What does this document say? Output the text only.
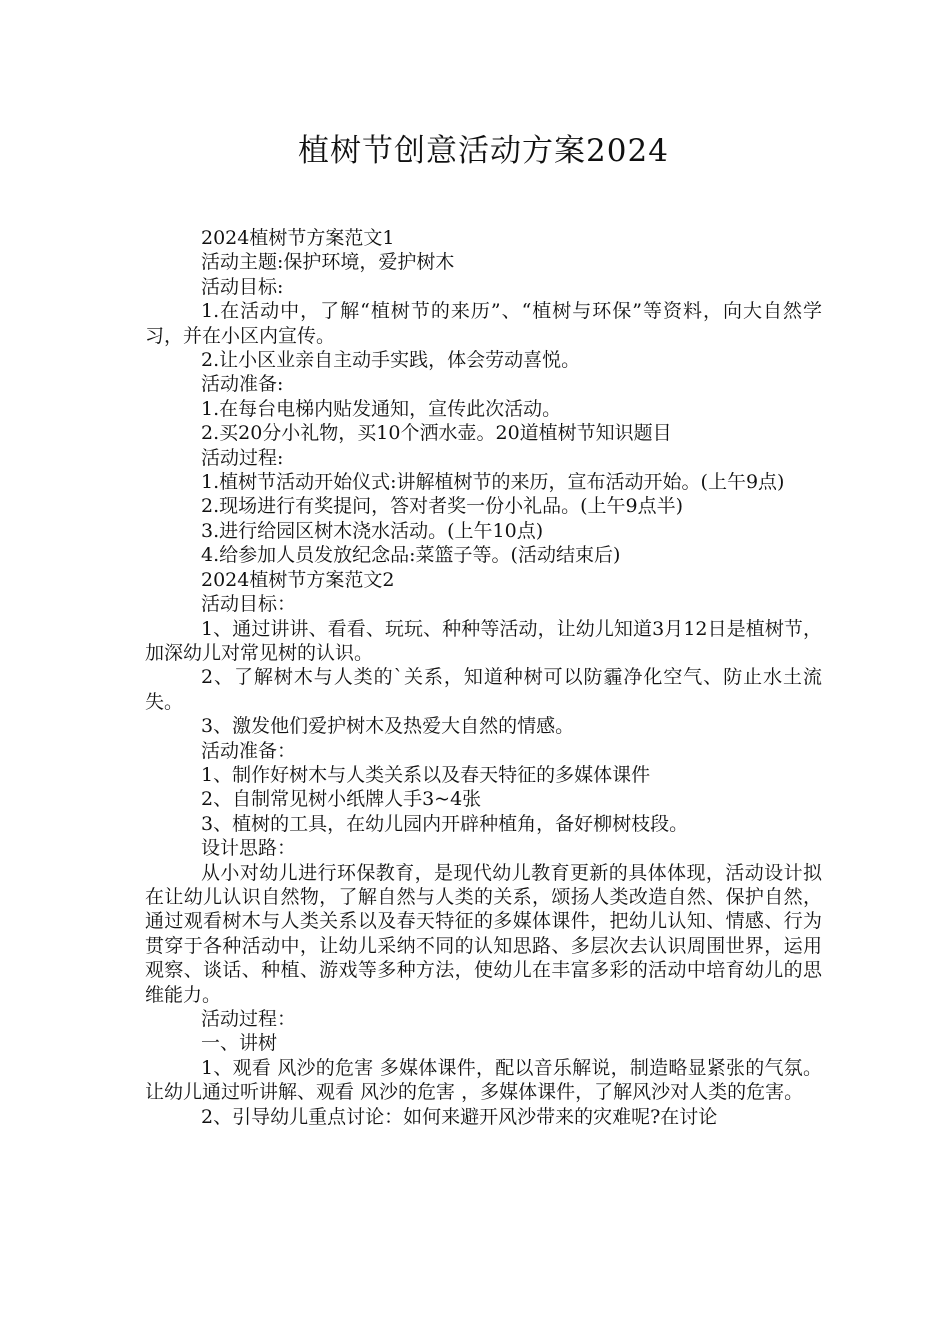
植树节创意活动方案2024

2024植树节方案范文1

活动主题:保护环境，爱护树木

活动目标:

1.在活动中，了解“植树节的来历”、“植树与环保”等资料，向大自然学习，并在小区内宣传。

2.让小区业亲自主动手实践，体会劳动喜悦。

活动准备:

1.在每台电梯内贴发通知，宣传此次活动。

2.买20分小礼物，买10个洒水壶。20道植树节知识题目

活动过程:

1.植树节活动开始仪式:讲解植树节的来历，宣布活动开始。(上午9点)

2.现场进行有奖提问，答对者奖一份小礼品。(上午9点半)

3.进行给园区树木浇水活动。(上午10点)

4.给参加人员发放纪念品:菜篮子等。(活动结束后)

2024植树节方案范文2

活动目标：

1、通过讲讲、看看、玩玩、种种等活动，让幼儿知道3月12日是植树节，加深幼儿对常见树的认识。

2、了解树木与人类的`关系，知道种树可以防霾净化空气、防止水土流失。

3、激发他们爱护树木及热爱大自然的情感。

活动准备：

1、制作好树木与人类关系以及春天特征的多媒体课件

2、自制常见树小纸牌人手3~4张

3、植树的工具，在幼儿园内开辟种植角，备好柳树枝段。

设计思路：

从小对幼儿进行环保教育，是现代幼儿教育更新的具体体现，活动设计拟在让幼儿认识自然物，了解自然与人类的关系，颂扬人类改造自然、保护自然，通过观看树木与人类关系以及春天特征的多媒体课件，把幼儿认知、情感、行为贯穿于各种活动中，让幼儿采纳不同的认知思路、多层次去认识周围世界，运用观察、谈话、种植、游戏等多种方法，使幼儿在丰富多彩的活动中培育幼儿的思维能力。

活动过程：

一、讲树

1、观看 风沙的危害 多媒体课件，配以音乐解说，制造略显紧张的气氛。让幼儿通过听讲解、观看 风沙的危害 ，多媒体课件，了解风沙对人类的危害。

2、引导幼儿重点讨论：如何来避开风沙带来的灾难呢?在讨论
